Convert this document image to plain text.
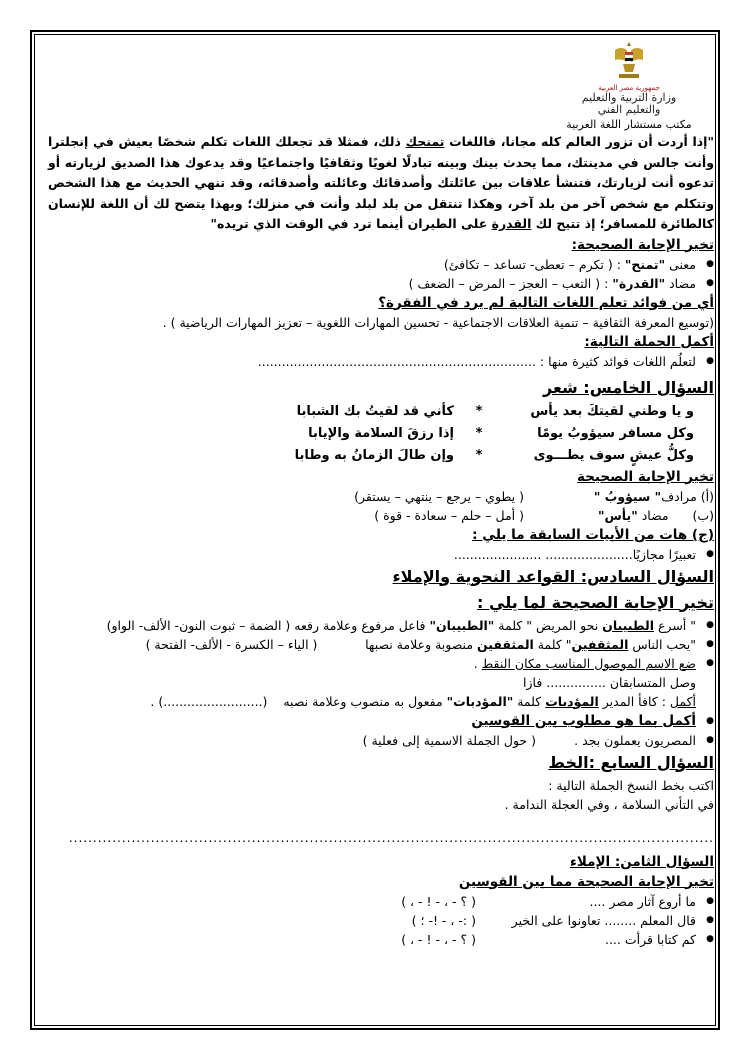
جمهورية مصر العربية
وزارة التربية والتعليم
والتعليم الفني
مكتب مستشار اللغة العربية
"إذا أردت أن تزور العالم كله مجانا، فاللغات تمنحك ذلك، فمثلا قد تجعلك اللغات تكلم شخصًا يعيش في إنجلترا وأنت جالس في مدينتك، مما يحدث بينك وبينه تبادلًا لغويًا وثقافيًا واجتماعيًا وقد يدعوك هذا الصديق لزيارته أو تدعوه أنت لزيارتك، فتنشأ علاقات بين عائلتك وأصدقائك وعائلته وأصدقائه، وقد تنهي الحديث مع هذا الشخص وتتكلم مع شخص آخر من بلد آخر، وهكذا تنتقل من بلد لبلد وأنت في منزلك؛ وبهذا يتضح لك أن اللغة للإنسان كالطائرة للمسافر؛ إذ تتيح لك القدرة على الطيران أينما ترد في الوقت الذي تريده"
تخير الإجابة الصحيحة:
● معنى "تمنح" : ( تكرم – تعطى- تساعد – تكافئ)
● مضاد "القدرة" : ( التعب – العجز – المرض – الضعف )
أي من فوائد تعلم اللغات التالية لم يرد في الفقرة؟
(توسيع المعرفة الثقافية – تنمية العلاقات الاجتماعية - تحسين المهارات اللغوية – تعزيز المهارات الرياضية ) .
أكمل الجملة التالية:
● لتعلُم اللغات فوائد كثيرة منها : ......................................................................
السؤال الخامس: شعر
و يا وطني لقيتكَ بعد يأس
*
كأني قد لقيتُ بك الشبابا
وكل مسافر سيؤوبُ يومًا
*
إذا رزقَ السلامة والإيابا
وكلُّ عيشٍ سوف يطـــوى
*
وإن طالَ الزمانُ به وطابا
تخير الإجابة الصحيحة
(أ) مرادف" سيؤوبُ "
( يطوي – يرجع – ينتهي – يستقر)
(ب)      مضاد "يأس"
( أمل – حلم – سعادة - قوة )
(ج) هات من الأبيات السابقة ما يلي :
● تعبيرًا مجازيًا...................... ......................
السؤال السادس: القواعد النحوية والإملاء
تخير الإجابة الصحيحة لما يلي :
● " أسرع الطبيبان نحو المريض " كلمة "الطبيبان" فاعل مرفوع وعلامة رفعه ( الضمة – ثبوت النون- الألف- الواو)
● "يحب الناس المثقفين" كلمة المثقفين منصوبة وعلامة نصبها            ( الياء – الكسرة - الألف- الفتحة )
● ضع الاسم الموصول المناسب مكان النقط .
وصل المتسابقان ............... فازا
أكمل : كافأ المدير المؤدبات كلمة "المؤدبات" مفعول به منصوب وعلامة نصبه    (.........................) .
● أكمل بما هو مطلوب بين القوسين
● المصريون يعملون بجد .( حول الجملة الاسمية إلى فعلية )
السؤال السابع :الخط
اكتب بخط النسخ الجملة التالية :
في التأني السلامة ، وفي العجلة الندامة .
......................................................................................................................................
السؤال الثامن: الإملاء
تخير الإجابة الصحيحة مما بين القوسين
● ما أروع آثار مصر ....( ؟ - ، - ! - ، )
● قال المعلم ........ تعاونوا على الخير( :- ، - !- ؛ )
● كم كتابا قرأت ....( ؟ - ، - ! - ، )
